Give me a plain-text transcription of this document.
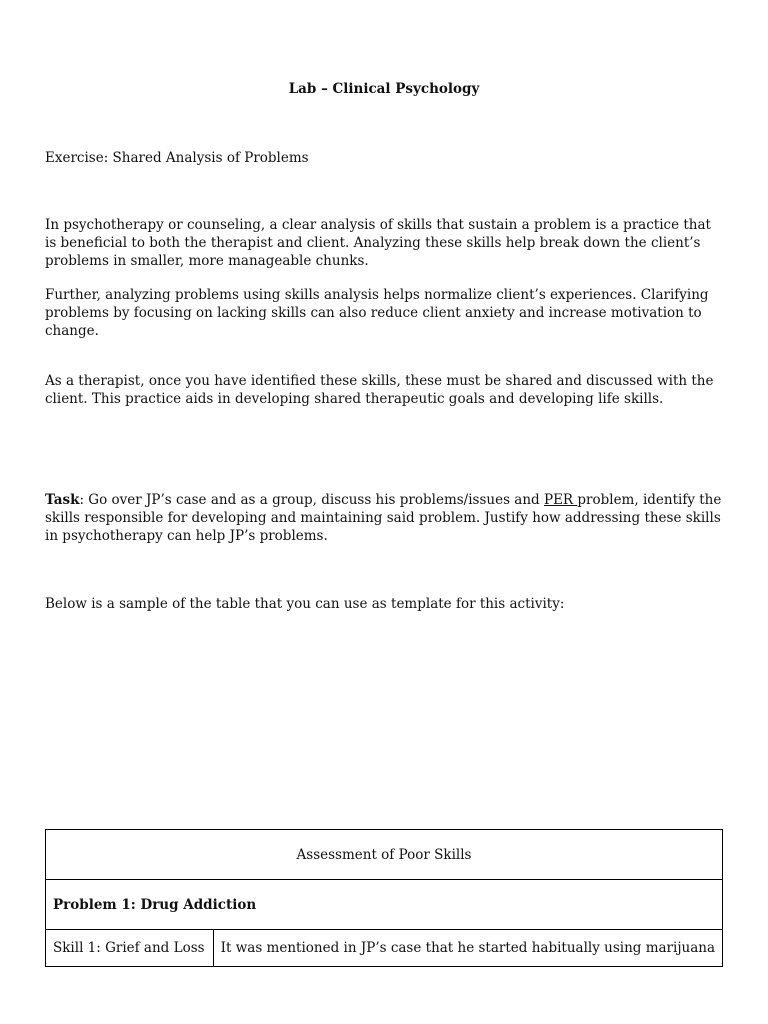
Lab – Clinical Psychology
Exercise: Shared Analysis of Problems
In psychotherapy or counseling, a clear analysis of skills that sustain a problem is a practice that is beneficial to both the therapist and client. Analyzing these skills help break down the client’s problems in smaller, more manageable chunks.
Further, analyzing problems using skills analysis helps normalize client’s experiences. Clarifying problems by focusing on lacking skills can also reduce client anxiety and increase motivation to change.
As a therapist, once you have identified these skills, these must be shared and discussed with the client. This practice aids in developing shared therapeutic goals and developing life skills.
Task: Go over JP’s case and as a group, discuss his problems/issues and PER problem, identify the skills responsible for developing and maintaining said problem. Justify how addressing these skills in psychotherapy can help JP’s problems.
Below is a sample of the table that you can use as template for this activity:
Assessment of Poor Skills
Problem 1: Drug Addiction
Skill 1: Grief and Loss	It was mentioned in JP’s case that he started habitually using marijuana
